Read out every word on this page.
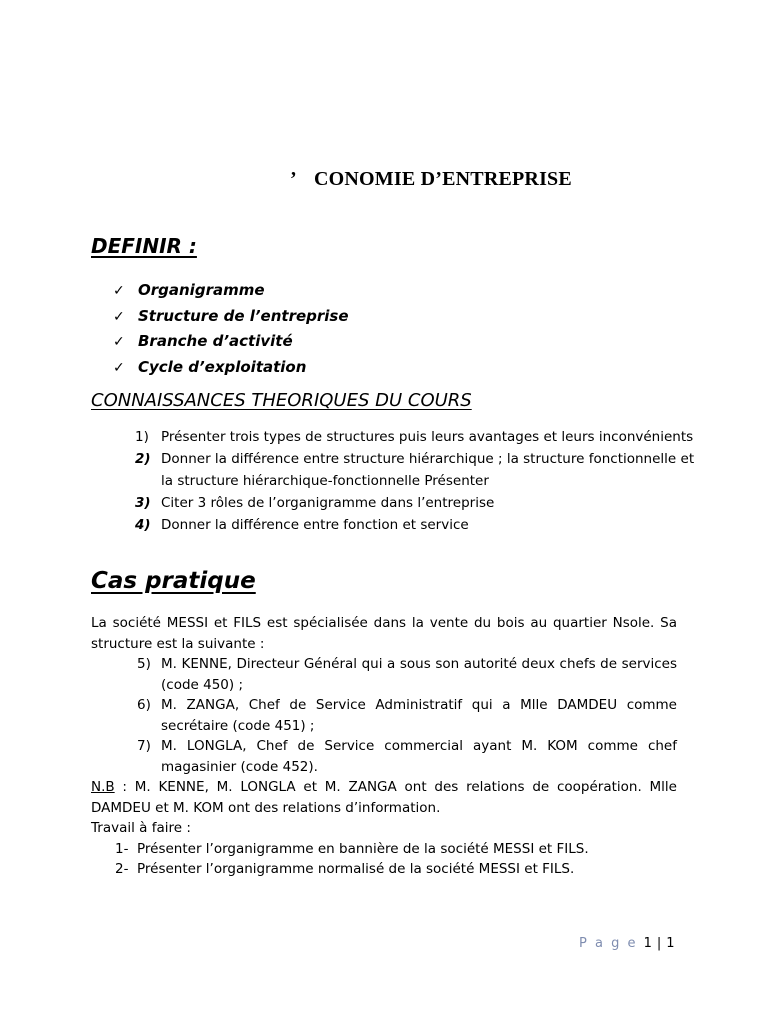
’ CONOMIE D’ENTREPRISE
DEFINIR :
✓ Organigramme
✓ Structure de l’entreprise
✓ Branche d’activité
✓ Cycle d’exploitation
CONNAISSANCES THEORIQUES DU COURS
1) Présenter trois types de structures puis leurs avantages et leurs inconvénients
2) Donner la différence entre structure hiérarchique ; la structure fonctionnelle et la structure hiérarchique-fonctionnelle Présenter
3) Citer 3 rôles de l’organigramme dans l’entreprise
4) Donner la différence entre fonction et service
Cas pratique

La société MESSI et FILS est spécialisée dans la vente du bois au quartier Nsole. Sa structure est la suivante :

5) M. KENNE, Directeur Général qui a sous son autorité deux chefs de services (code 450) ;
6) M. ZANGA, Chef de Service Administratif qui a Mlle DAMDEU comme secrétaire (code 451) ;
7) M. LONGLA, Chef de Service commercial ayant M. KOM comme chef magasinier (code 452).

N.B : M. KENNE, M. LONGLA et M. ZANGA ont des relations de coopération. Mlle DAMDEU et M. KOM ont des relations d’information.

Travail à faire :

1- Présenter l’organigramme en bannière de la société MESSI et FILS.
2- Présenter l’organigramme normalisé de la société MESSI et FILS.
P a g e 1 | 1
